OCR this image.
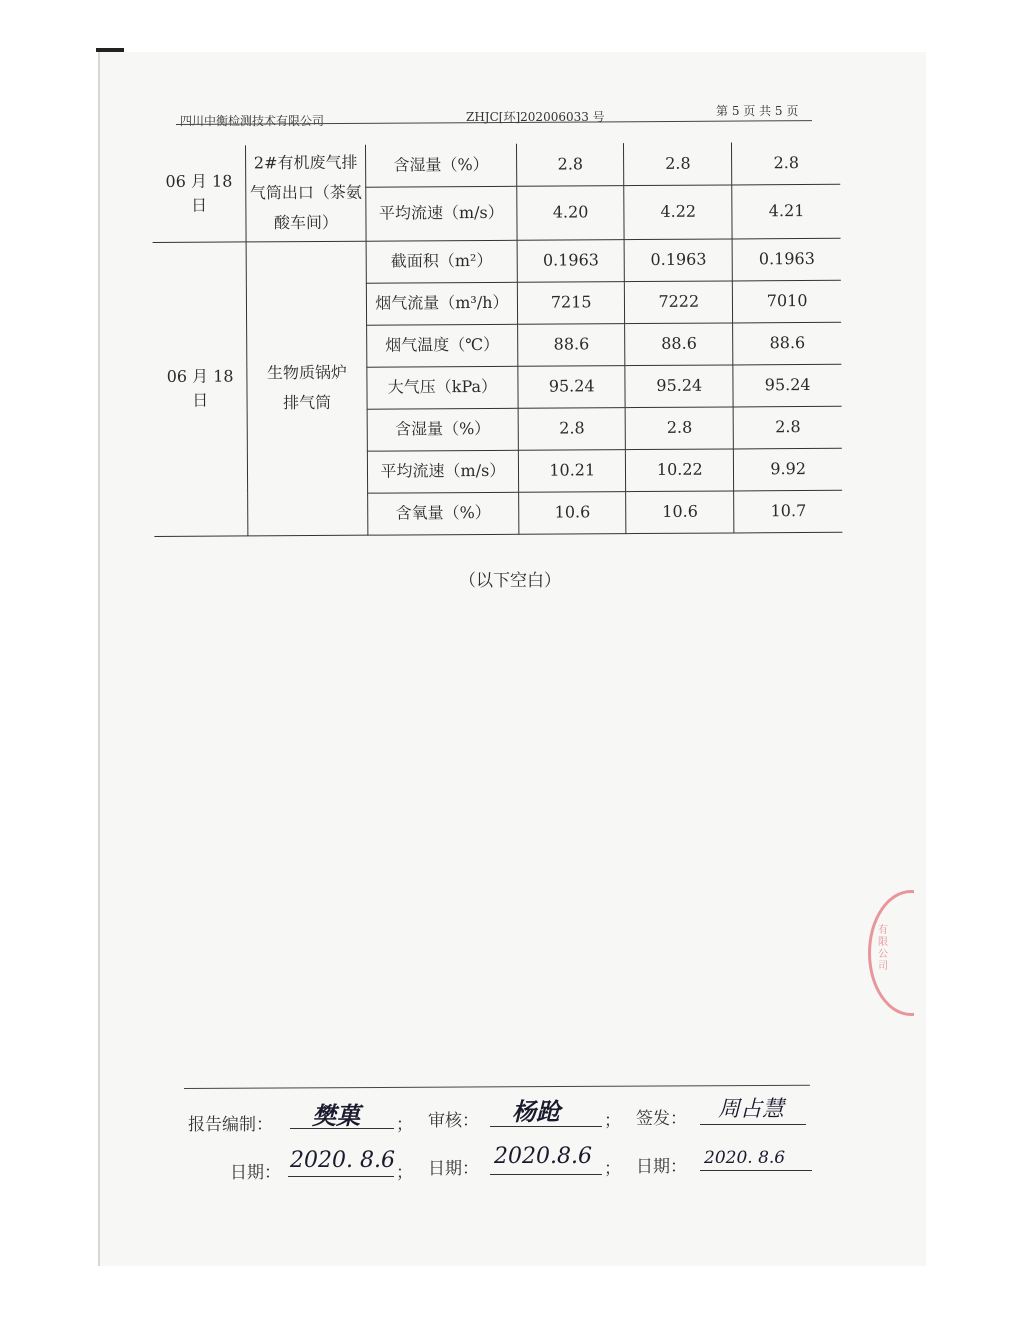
四川中衡检测技术有限公司	ZHJC[环]202006033 号	第 5 页 共 5 页
06 月 18 日	2#有机废气排气筒出口（茶氨酸车间）	含湿量（%）	2.8	2.8	2.8
		平均流速（m/s）	4.20	4.22	4.21
06 月 18 日	生物质锅炉排气筒	截面积（m²）	0.1963	0.1963	0.1963
		烟气流量（m³/h）	7215	7222	7010
		烟气温度（℃）	88.6	88.6	88.6
		大气压（kPa）	95.24	95.24	95.24
		含湿量（%）	2.8	2.8	2.8
		平均流速（m/s）	10.21	10.22	9.92
		含氧量（%）	10.6	10.6	10.7
（以下空白）
有限公司
报告编制： 樊菓 ； 审核： 杨跄	； 签发： 周占慧
日期： 2020. 8.6 ； 日期： 2020.8.6 ； 日期： 2020. 8.6
